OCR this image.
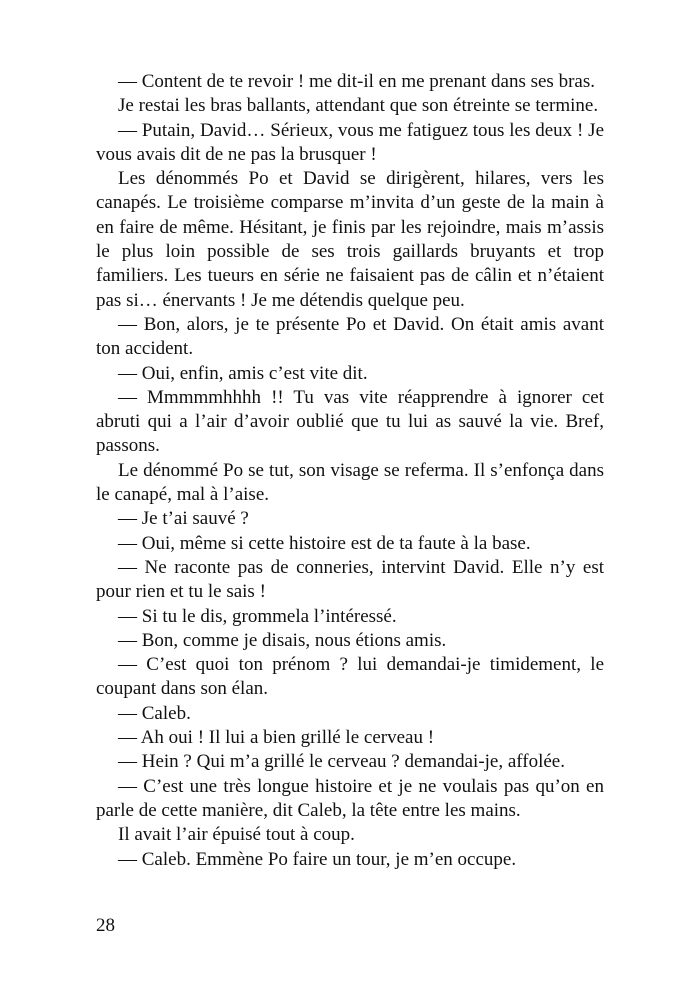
— Content de te revoir ! me dit-il en me prenant dans ses bras.

Je restai les bras ballants, attendant que son étreinte se termine.

— Putain, David… Sérieux, vous me fatiguez tous les deux ! Je vous avais dit de ne pas la brusquer !

Les dénommés Po et David se dirigèrent, hilares, vers les canapés. Le troisième comparse m’invita d’un geste de la main à en faire de même. Hésitant, je finis par les rejoindre, mais m’assis le plus loin possible de ses trois gaillards bruyants et trop familiers. Les tueurs en série ne faisaient pas de câlin et n’étaient pas si… énervants ! Je me détendis quelque peu.

— Bon, alors, je te présente Po et David. On était amis avant ton accident.

— Oui, enfin, amis c’est vite dit.

— Mmmmmhhhh !! Tu vas vite réapprendre à ignorer cet abruti qui a l’air d’avoir oublié que tu lui as sauvé la vie. Bref, passons.

Le dénommé Po se tut, son visage se referma. Il s’enfonça dans le canapé, mal à l’aise.

— Je t’ai sauvé ?

— Oui, même si cette histoire est de ta faute à la base.

— Ne raconte pas de conneries, intervint David. Elle n’y est pour rien et tu le sais !

— Si tu le dis, grommela l’intéressé.

— Bon, comme je disais, nous étions amis.

— C’est quoi ton prénom ? lui demandai-je timidement, le coupant dans son élan.

— Caleb.

— Ah oui ! Il lui a bien grillé le cerveau !

— Hein ? Qui m’a grillé le cerveau ? demandai-je, affolée.

— C’est une très longue histoire et je ne voulais pas qu’on en parle de cette manière, dit Caleb, la tête entre les mains.

Il avait l’air épuisé tout à coup.

— Caleb. Emmène Po faire un tour, je m’en occupe.

28
